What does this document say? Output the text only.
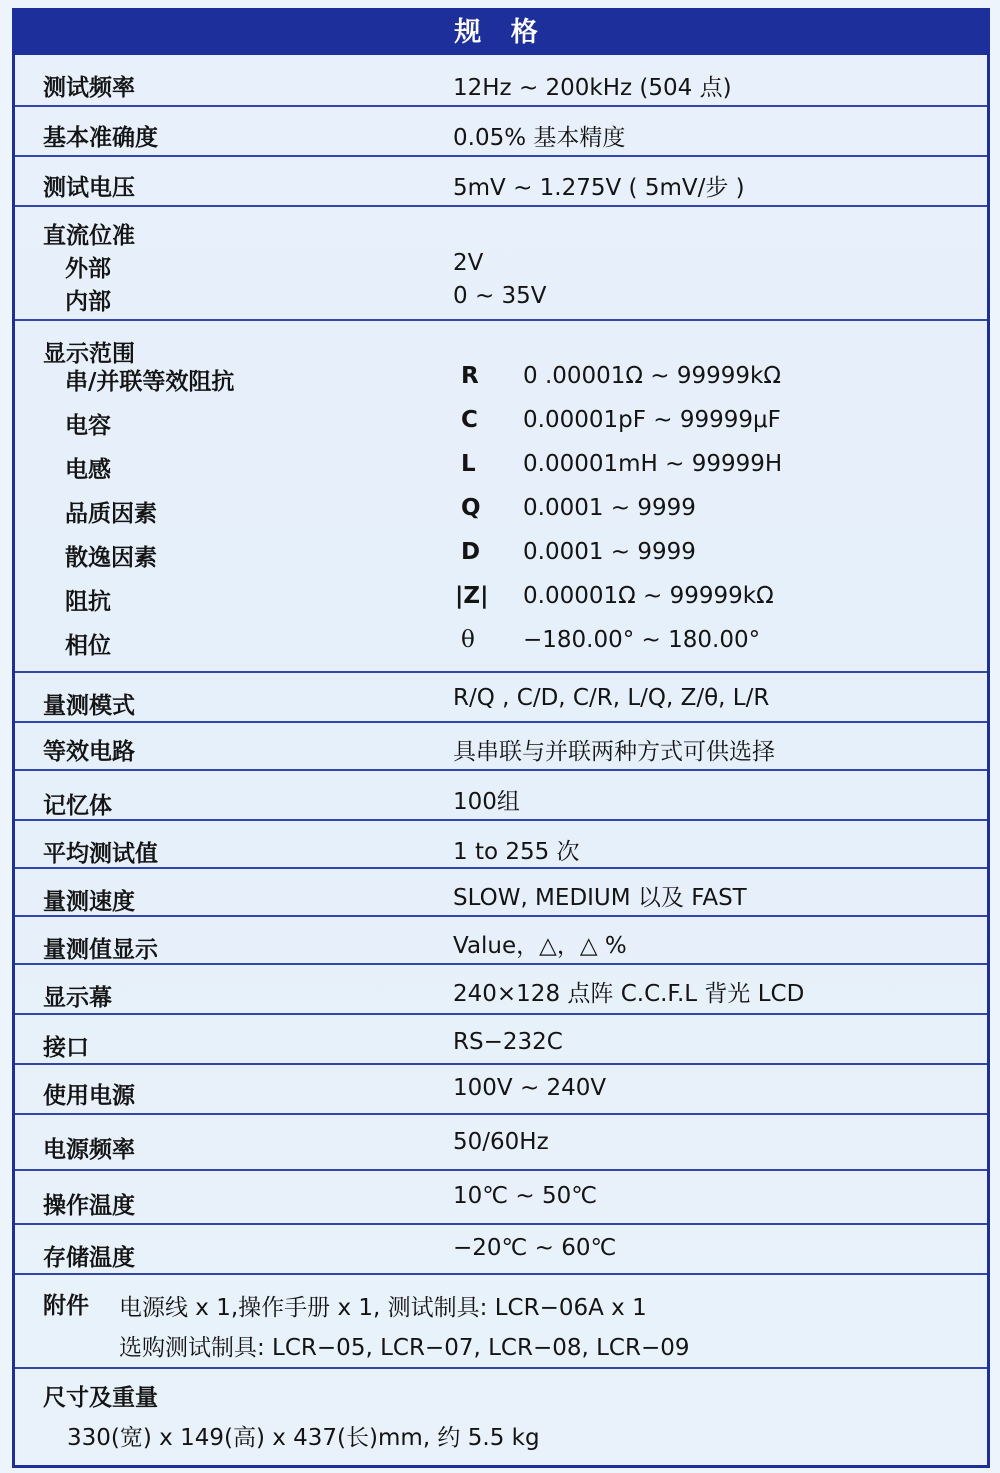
规 格
测试频率	12Hz ~ 200kHz (504 点)
基本准确度	0.05% 基本精度
测试电压	5mV ~ 1.275V ( 5mV/步 )
直流位准
外部	2V
内部	0 ~ 35V
显示范围
串/并联等效阻抗	R 0 .00001Ω ~ 99999kΩ
电容	C 0.00001pF ~ 99999μF
电感	L 0.00001mH ~ 99999H
品质因素	Q 0.0001 ~ 9999
散逸因素	D 0.0001 ~ 9999
阻抗	|Z| 0.00001Ω ~ 99999kΩ
相位	θ −180.00° ~ 180.00°
量测模式	R/Q , C/D, C/R, L/Q, Z/θ, L/R
等效电路	具串联与并联两种方式可供选择
记忆体	100组
平均测试值	1 to 255 次
量测速度	SLOW, MEDIUM 以及 FAST
量测值显示	Value，△，△ %
显示幕	240×128 点阵 C.C.F.L 背光 LCD
接口	RS−232C
使用电源	100V ~ 240V
电源频率	50/60Hz
操作温度	10℃ ~ 50℃
存储温度	−20℃ ~ 60℃
附件 电源线 x 1,操作手册 x 1, 测试制具: LCR−06A x 1
选购测试制具: LCR−05, LCR−07, LCR−08, LCR−09
尺寸及重量
330(宽) x 149(高) x 437(长)mm, 约 5.5 kg
